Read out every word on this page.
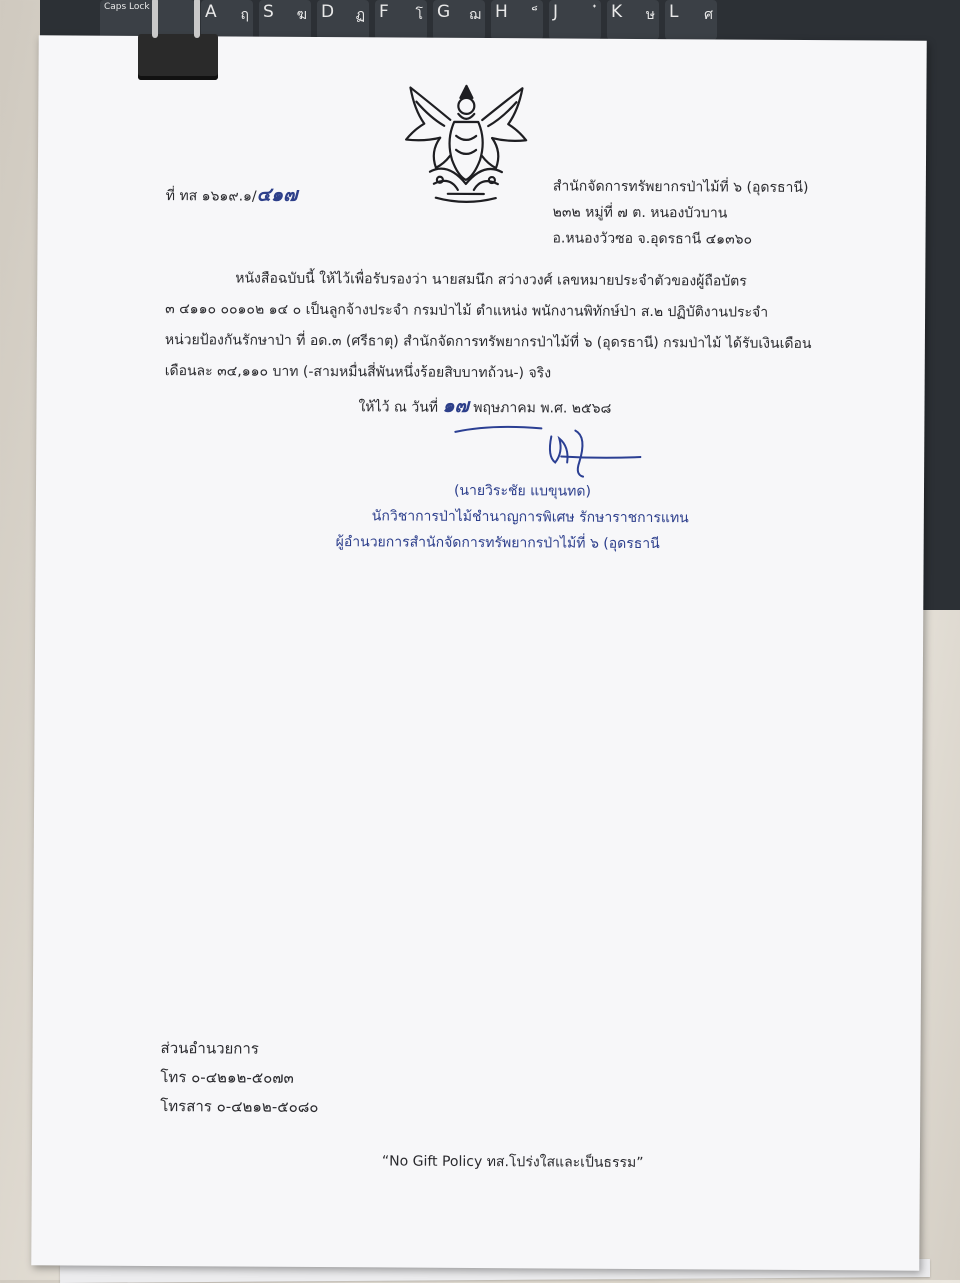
Caps Lock	A ฤ S ฆ D ฏ F โ G ฌ H	J	K ษ L ศ
ที่ ทส ๑๖๑๙.๑/๔๑๗	สำนักจัดการทรัพยากรป่าไม้ที่ ๖ (อุดรธานี)
๒๓๒ หมู่ที่ ๗ ต. หนองบัวบาน
อ.หนองวัวซอ จ.อุดรธานี ๔๑๓๖๐
หนังสือฉบับนี้ ให้ไว้เพื่อรับรองว่า นายสมนึก สว่างวงศ์ เลขหมายประจำตัวของผู้ถือบัตร
๓ ๔๑๑๐ ๐๐๑๐๒ ๑๔ ๐ เป็นลูกจ้างประจำ กรมป่าไม้ ตำแหน่ง พนักงานพิทักษ์ป่า ส.๒ ปฏิบัติงานประจำ
หน่วยป้องกันรักษาป่า ที่ อด.๓ (ศรีธาตุ) สำนักจัดการทรัพยากรป่าไม้ที่ ๖ (อุดรธานี) กรมป่าไม้ ได้รับเงินเดือน
เดือนละ ๓๔,๑๑๐ บาท (-สามหมื่นสี่พันหนึ่งร้อยสิบบาทถ้วน-) จริง
ให้ไว้ ณ วันที่ ๑๗ พฤษภาคม พ.ศ. ๒๕๖๘
(นายวิระชัย แบขุนทด)
นักวิชาการป่าไม้ชำนาญการพิเศษ รักษาราชการแทน
ผู้อำนวยการสำนักจัดการทรัพยากรป่าไม้ที่ ๖ (อุดรธานี
ส่วนอำนวยการ
โทร ๐-๔๒๑๒-๕๐๗๓
โทรสาร ๐-๔๒๑๒-๕๐๘๐
“No Gift Policy ทส.โปร่งใสและเป็นธรรม”
